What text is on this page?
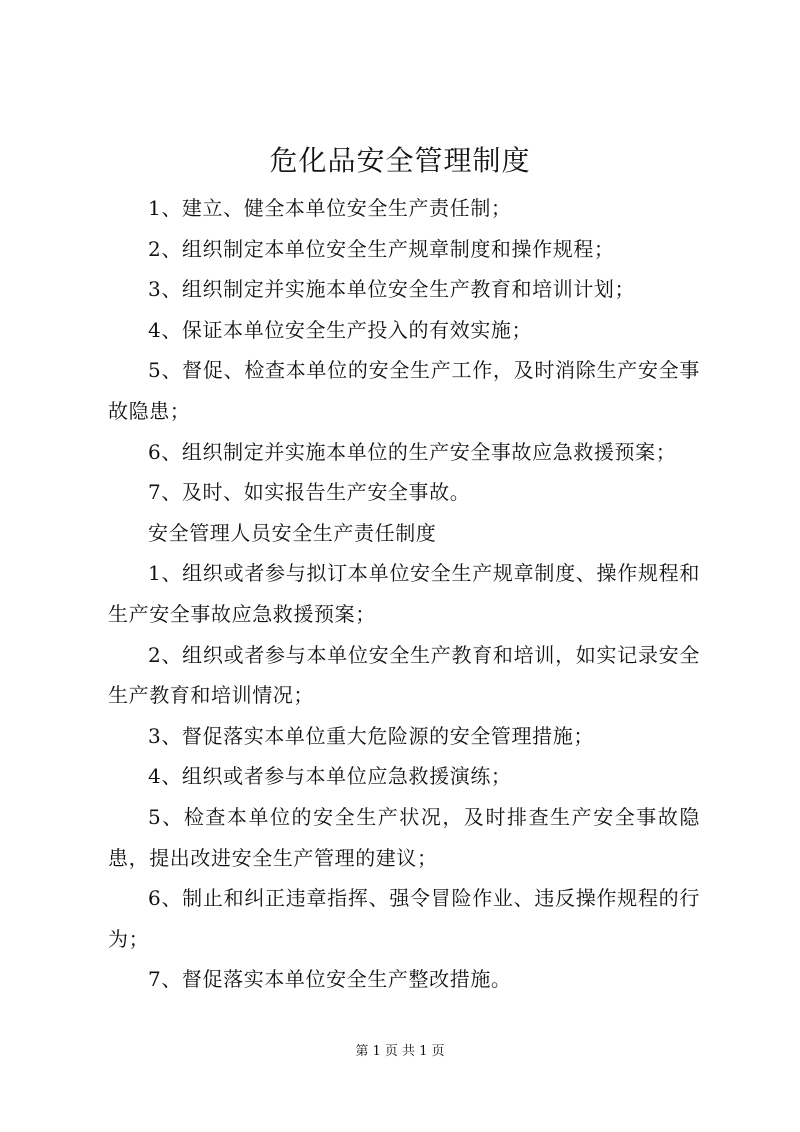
危化品安全管理制度

1、建立、健全本单位安全生产责任制；

2、组织制定本单位安全生产规章制度和操作规程；

3、组织制定并实施本单位安全生产教育和培训计划；

4、保证本单位安全生产投入的有效实施；

5、督促、检查本单位的安全生产工作，及时消除生产安全事故隐患；

6、组织制定并实施本单位的生产安全事故应急救援预案；

7、及时、如实报告生产安全事故。

安全管理人员安全生产责任制度

1、组织或者参与拟订本单位安全生产规章制度、操作规程和生产安全事故应急救援预案；

2、组织或者参与本单位安全生产教育和培训，如实记录安全生产教育和培训情况；

3、督促落实本单位重大危险源的安全管理措施；

4、组织或者参与本单位应急救援演练；

5、检查本单位的安全生产状况，及时排查生产安全事故隐患，提出改进安全生产管理的建议；

6、制止和纠正违章指挥、强令冒险作业、违反操作规程的行为；

7、督促落实本单位安全生产整改措施。

第 1 页 共 1 页
